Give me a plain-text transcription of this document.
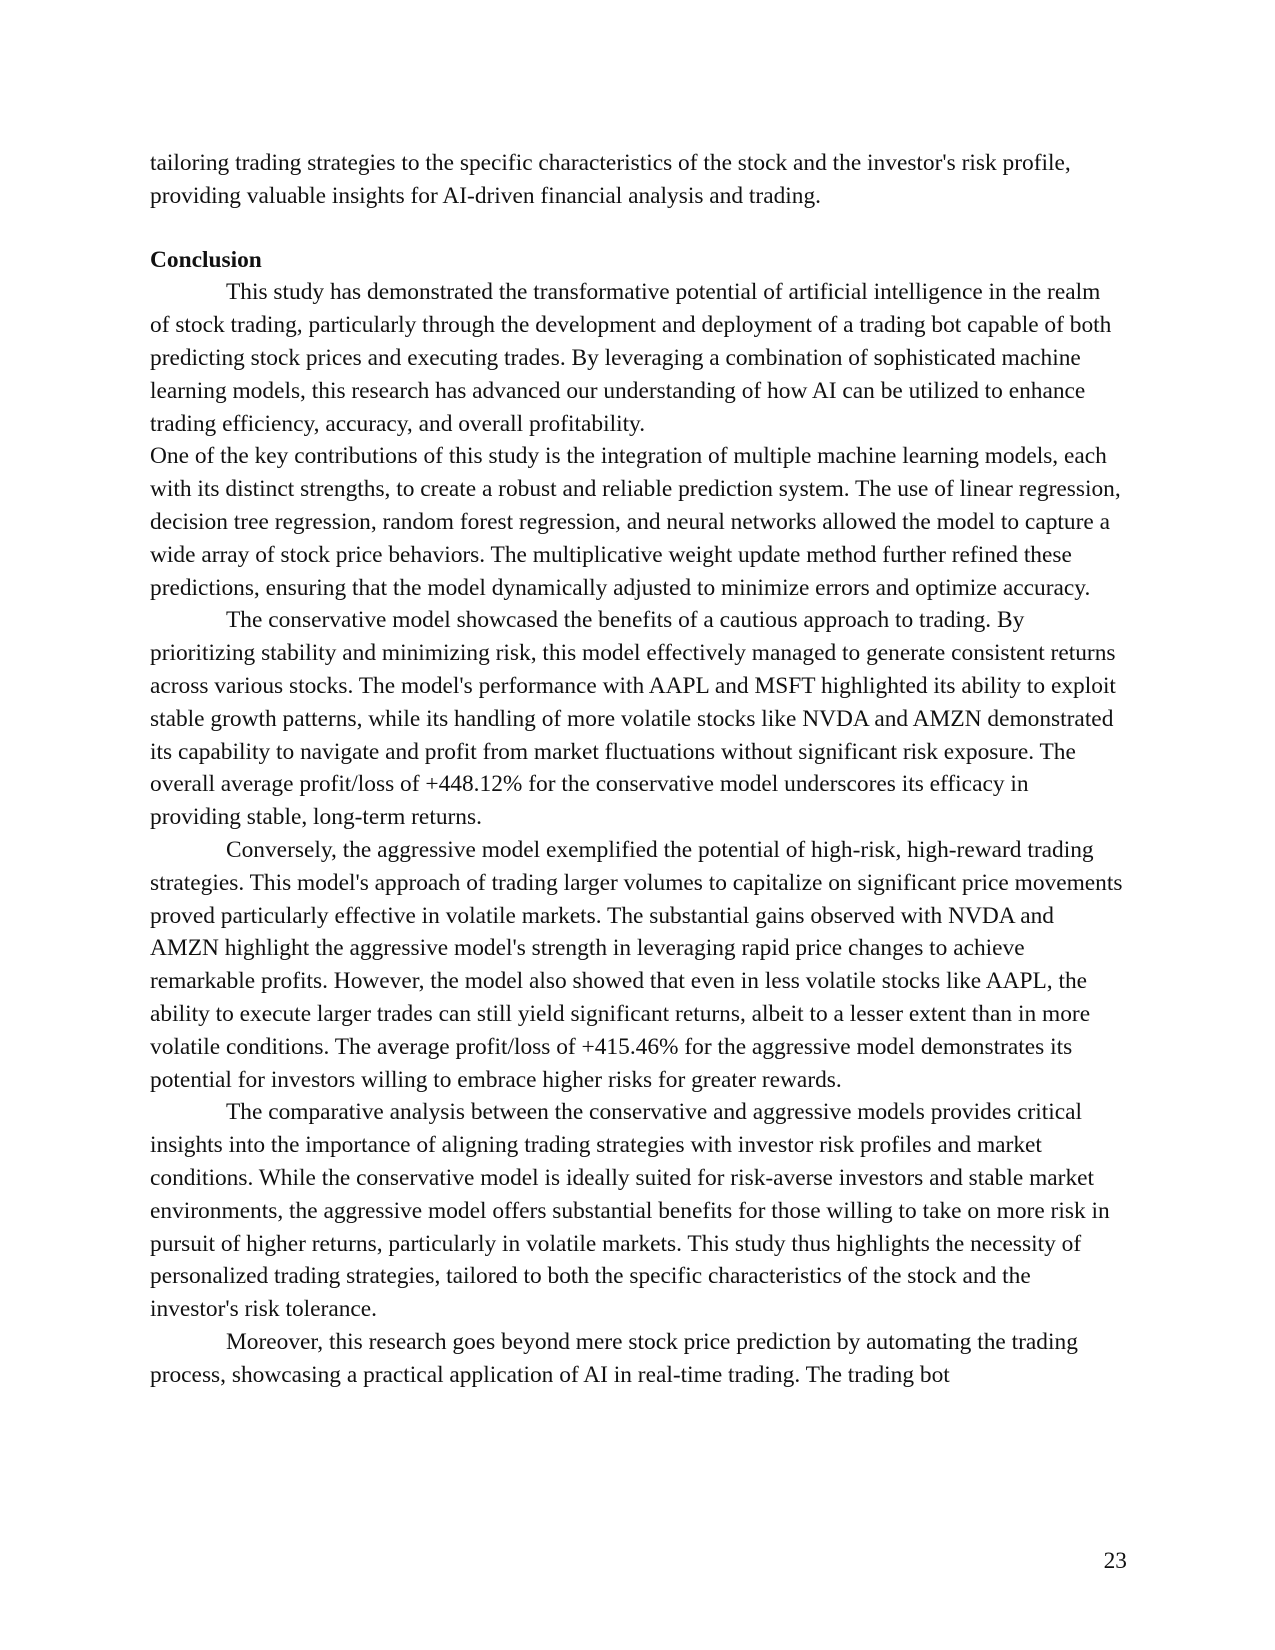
tailoring trading strategies to the specific characteristics of the stock and the investor's risk profile, providing valuable insights for AI-driven financial analysis and trading.

Conclusion

This study has demonstrated the transformative potential of artificial intelligence in the realm of stock trading, particularly through the development and deployment of a trading bot capable of both predicting stock prices and executing trades. By leveraging a combination of sophisticated machine learning models, this research has advanced our understanding of how AI can be utilized to enhance trading efficiency, accuracy, and overall profitability.

One of the key contributions of this study is the integration of multiple machine learning models, each with its distinct strengths, to create a robust and reliable prediction system. The use of linear regression, decision tree regression, random forest regression, and neural networks allowed the model to capture a wide array of stock price behaviors. The multiplicative weight update method further refined these predictions, ensuring that the model dynamically adjusted to minimize errors and optimize accuracy.

The conservative model showcased the benefits of a cautious approach to trading. By prioritizing stability and minimizing risk, this model effectively managed to generate consistent returns across various stocks. The model's performance with AAPL and MSFT highlighted its ability to exploit stable growth patterns, while its handling of more volatile stocks like NVDA and AMZN demonstrated its capability to navigate and profit from market fluctuations without significant risk exposure. The overall average profit/loss of +448.12% for the conservative model underscores its efficacy in providing stable, long-term returns.

Conversely, the aggressive model exemplified the potential of high-risk, high-reward trading strategies. This model's approach of trading larger volumes to capitalize on significant price movements proved particularly effective in volatile markets. The substantial gains observed with NVDA and AMZN highlight the aggressive model's strength in leveraging rapid price changes to achieve remarkable profits. However, the model also showed that even in less volatile stocks like AAPL, the ability to execute larger trades can still yield significant returns, albeit to a lesser extent than in more volatile conditions. The average profit/loss of +415.46% for the aggressive model demonstrates its potential for investors willing to embrace higher risks for greater rewards.

The comparative analysis between the conservative and aggressive models provides critical insights into the importance of aligning trading strategies with investor risk profiles and market conditions. While the conservative model is ideally suited for risk-averse investors and stable market environments, the aggressive model offers substantial benefits for those willing to take on more risk in pursuit of higher returns, particularly in volatile markets. This study thus highlights the necessity of personalized trading strategies, tailored to both the specific characteristics of the stock and the investor's risk tolerance.

Moreover, this research goes beyond mere stock price prediction by automating the trading process, showcasing a practical application of AI in real-time trading. The trading bot

23
